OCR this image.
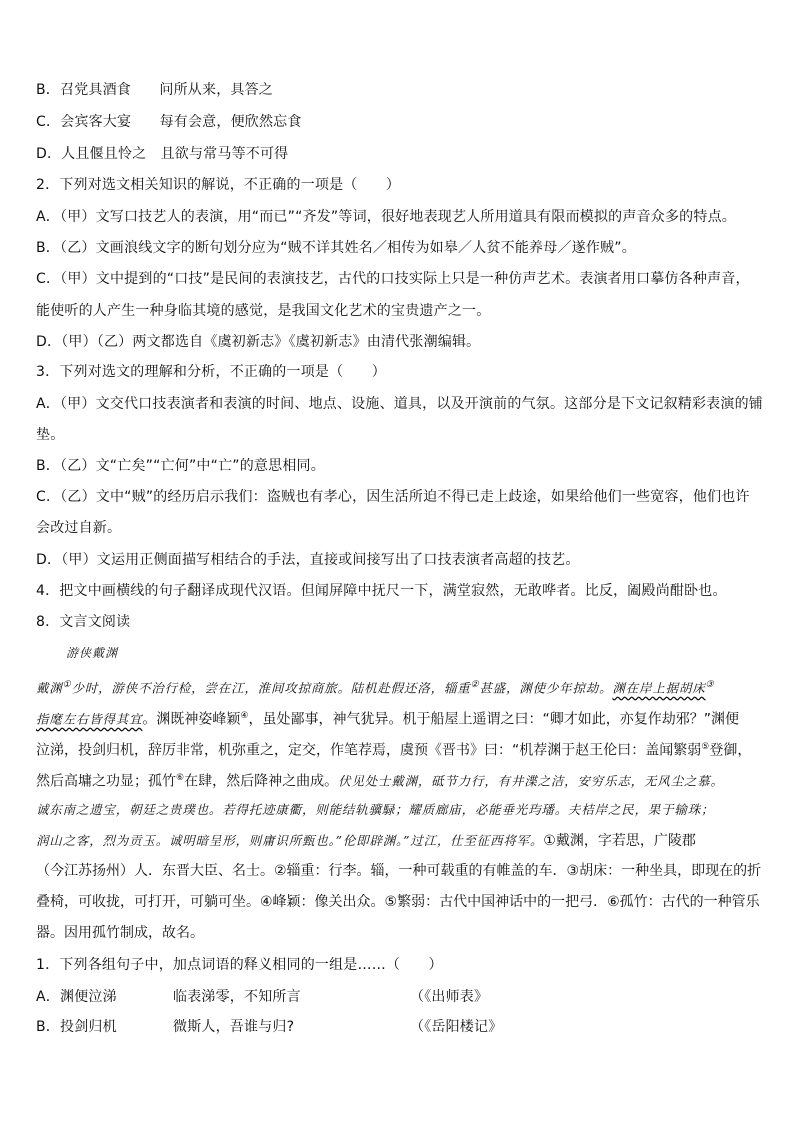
B．召党具酒食　　问所从来，具答之
C．会宾客大宴　　每有会意，便欣然忘食
D．人且偃且怜之　且欲与常马等不可得
2．下列对选文相关知识的解说，不正确的一项是（　　）
A．（甲）文写口技艺人的表演，用“而已”“齐发”等词，很好地表现艺人所用道具有限而模拟的声音众多的特点。
B．（乙）文画浪线文字的断句划分应为“贼不详其姓名／相传为如皋／人贫不能养母／遂作贼”。
C．（甲）文中提到的“口技”是民间的表演技艺，古代的口技实际上只是一种仿声艺术。表演者用口摹仿各种声音，
能使听的人产生一种身临其境的感觉，是我国文化艺术的宝贵遗产之一。
D．（甲）（乙）两文都选自《虞初新志》《虞初新志》由清代张潮编辑。
3．下列对选文的理解和分析，不正确的一项是（　　）
A．（甲）文交代口技表演者和表演的时间、地点、设施、道具，以及开演前的气氛。这部分是下文记叙精彩表演的铺
垫。
B．（乙）文“亡矣”“亡何”中“亡”的意思相同。
C．（乙）文中“贼”的经历启示我们：盗贼也有孝心，因生活所迫不得已走上歧途，如果给他们一些宽容，他们也许
会改过自新。
D．（甲）文运用正侧面描写相结合的手法，直接或间接写出了口技表演者高超的技艺。
4．把文中画横线的句子翻译成现代汉语。但闻屏障中抚尺一下，满堂寂然，无敢哗者。比反，阖殿尚酣卧也。
8．文言文阅读
游侠戴渊
戴渊①少时，游侠不治行检，尝在江，淮间攻掠商旅。陆机赴假还洛，辎重②甚盛，渊使少年掠劫。渊在岸上据胡床③
指麾左右皆得其宜。渊既神姿峰颖④，虽处鄙事，神气犹异。机于船屋上遥谓之曰：“卿才如此，亦复作劫邪？”渊便
泣涕，投剑归机，辞厉非常，机弥重之，定交，作笔荐焉，虞预《晋书》曰：“机荐渊于赵王伦曰：盖闻繁弱⑤登御，
然后高墉之功显；孤竹⑥在肆，然后降神之曲成。伏见处士戴渊，砥节力行，有井渫之洁，安穷乐志，无风尘之慕。
诚东南之遗宝，朝廷之贵璞也。若得托迹康衢，则能结轨骥騄；耀质廊庙，必能垂光玙璠。夫桔岸之民，果于输珠；
润山之客，烈为贡玉。诚明暗呈形，则庸识所甄也。”伦即辟渊。”过江，仕至征西将军。①戴渊，字若思，广陵郡
（今江苏扬州）人．东晋大臣、名士。②辎重：行李。辎，一种可载重的有帷盖的车．③胡床：一种坐具，即现在的折
叠椅，可收拢，可打开，可躺可坐。④峰颖：像关出众。⑤繁弱：古代中国神话中的一把弓．⑥孤竹：古代的一种管乐
器。因用孤竹制成，故名。
1．下列各组句子中，加点词语的释义相同的一组是……（　　）
A．渊便泣涕	临表涕零，不知所言	（《出师表》
B．投剑归机	微斯人，吾谁与归?	（《岳阳楼记》
